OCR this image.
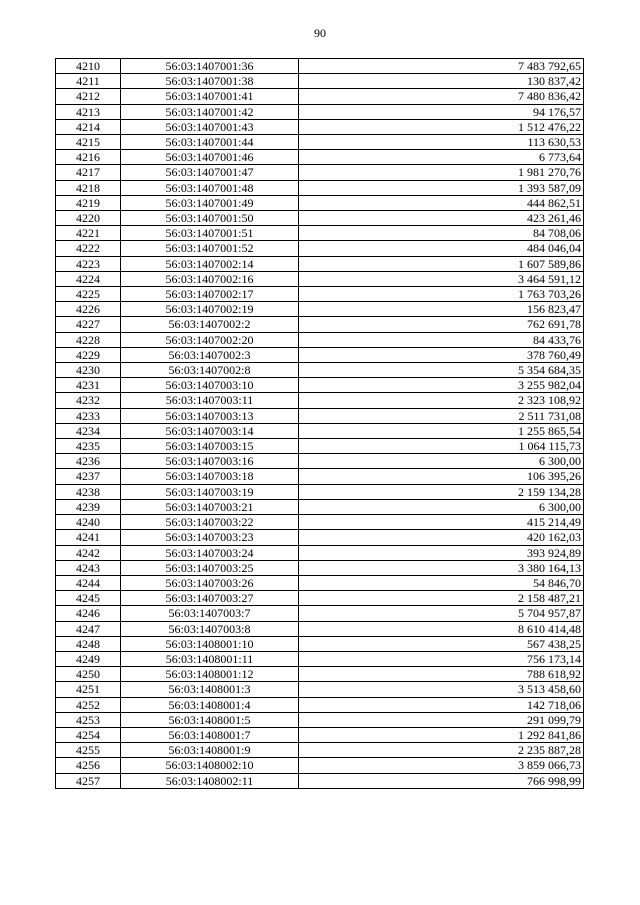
90
4210	56:03:1407001:36	7 483 792,65
4211	56:03:1407001:38	130 837,42
4212	56:03:1407001:41	7 480 836,42
4213	56:03:1407001:42	94 176,57
4214	56:03:1407001:43	1 512 476,22
4215	56:03:1407001:44	113 630,53
4216	56:03:1407001:46	6 773,64
4217	56:03:1407001:47	1 981 270,76
4218	56:03:1407001:48	1 393 587,09
4219	56:03:1407001:49	444 862,51
4220	56:03:1407001:50	423 261,46
4221	56:03:1407001:51	84 708,06
4222	56:03:1407001:52	484 046,04
4223	56:03:1407002:14	1 607 589,86
4224	56:03:1407002:16	3 464 591,12
4225	56:03:1407002:17	1 763 703,26
4226	56:03:1407002:19	156 823,47
4227	56:03:1407002:2	762 691,78
4228	56:03:1407002:20	84 433,76
4229	56:03:1407002:3	378 760,49
4230	56:03:1407002:8	5 354 684,35
4231	56:03:1407003:10	3 255 982,04
4232	56:03:1407003:11	2 323 108,92
4233	56:03:1407003:13	2 511 731,08
4234	56:03:1407003:14	1 255 865,54
4235	56:03:1407003:15	1 064 115,73
4236	56:03:1407003:16	6 300,00
4237	56:03:1407003:18	106 395,26
4238	56:03:1407003:19	2 159 134,28
4239	56:03:1407003:21	6 300,00
4240	56:03:1407003:22	415 214,49
4241	56:03:1407003:23	420 162,03
4242	56:03:1407003:24	393 924,89
4243	56:03:1407003:25	3 380 164,13
4244	56:03:1407003:26	54 846,70
4245	56:03:1407003:27	2 158 487,21
4246	56:03:1407003:7	5 704 957,87
4247	56:03:1407003:8	8 610 414,48
4248	56:03:1408001:10	567 438,25
4249	56:03:1408001:11	756 173,14
4250	56:03:1408001:12	788 618,92
4251	56:03:1408001:3	3 513 458,60
4252	56:03:1408001:4	142 718,06
4253	56:03:1408001:5	291 099,79
4254	56:03:1408001:7	1 292 841,86
4255	56:03:1408001:9	2 235 887,28
4256	56:03:1408002:10	3 859 066,73
4257	56:03:1408002:11	766 998,99
